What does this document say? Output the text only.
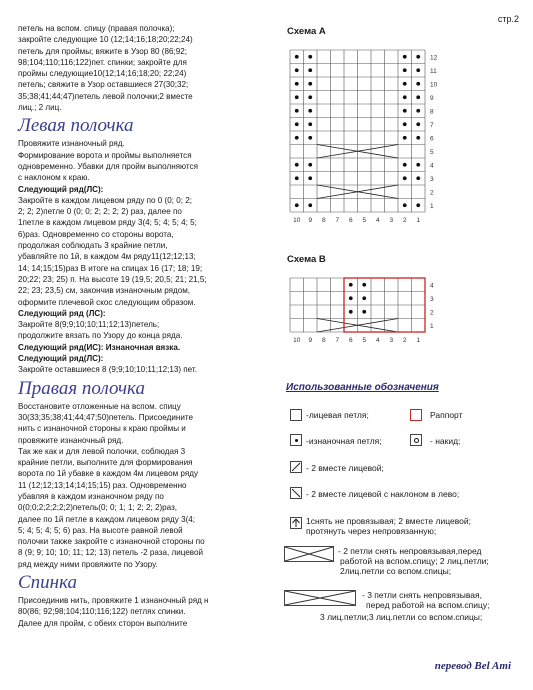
стр.2

петель на вспом. спицу (правая полочка);

закройте следующие 10 (12;14;16;18;20;22;24)

петель для проймы; вяжите в Узор 80 (86;92;

98;104;110;116;122)пет. спинки; закройте для

проймы следующие10(12;14;16;18;20; 22;24)

петель; свяжите в Узор оставшиеся 27(30;32;

35;38;41;44;47)петель левой полочки;2 вместе

лиц.; 2 лиц.

Левая полочка

Провяжите изнаночный ряд.

Формирование ворота и проймы выполняется

одновременно. Убавки для пройм выполняются

с наклоном к краю.

Следующий ряд(ЛС):

Закройте в каждом лицевом ряду по 0 (0; 0; 2;

2; 2; 2)петле 0 (0; 0; 2; 2; 2; 2) раз, далее по

1петле в каждом лицевом ряду 3(4; 5; 4; 5; 4; 5;

6)раз. Одновременно со стороны ворота,

продолжая соблюдать 3 крайние петли,

убавляйте по 1й, в каждом 4м ряду11(12;12;13;

14; 14;15;15)раз В итоге на спицах 16 (17; 18; 19;

20;22; 23; 25) п. На высоте 19 (19,5; 20,5; 21; 21,5;

22; 23; 23,5) см, закончив изнаночным рядом,

оформите плечевой скос следующим образом.

Следующий ряд (ЛС):

Закройте 8(9;9;10;10;11;12;13)петель;

продолжите вязать по Узору до конца ряда.

Следующий ряд(ИС): Изнаночная вязка.

Следующий ряд(ЛС):

Закройте оставшиеся 8 (9;9;10;10;11;12;13) пет.

Правая полочка

Восстановите отложенные на вспом. спицу

30(33;35;38;41;44;47;50)петель. Присоедините

нить с изнаночной стороны к краю проймы и

провяжите изнаночный ряд.

Так же как и для левой полочки, соблюдая 3

крайние петли, выполните для формирования

ворота по 1й убавке в каждом 4м лицевом ряду

11 (12;12;13;14;14;15;15) раз. Одновременно

убавляя в каждом изнаночном ряду по

0(0;0;2;2;2;2;2)петель(0; 0; 1; 1; 2; 2; 2)раз,

далее по 1й петле в каждом лицевом ряду 3(4;

5; 4; 5; 4; 5; 6) раз. На высоте равной левой

полочки также закройте с изнаночной стороны по

8 (9; 9; 10; 10; 11; 12; 13) петель -2 раза, лицевой

ряд между ними провяжите по Узору.

Спинка

Присоединив нить, провяжите 1 изнаночный ряд н

80(86; 92;98;104;110;116;122) петлях спинки.

Далее для пройм, с обеих сторон выполните

Схема А
12
11
10
9
8
7
6
5
4
3
2
1
10 9 8 7 6 5 4 3 2 1
Схема В
4
3
2
1
10 9 8 7 6 5 4 3 2 1
Использованные обозначения
-лицевая петля;	Раппорт
-изнаночная петля;	- накид;
- 2 вместе лицевой;
- 2 вместе лицевой с наклоном в лево;
1снять не провязывая; 2 вместе лицевой;
протянуть через непровязанную;
- 2 петли снять непровязывая,перед
работой на вспом.спицу; 2 лиц.петли;
2лиц.петли со вспом.спицы;
- 3 петли снять непровязывая,
перед работой на вспом.спицу;
3 лиц.петли;3 лиц.петли со вспом.спицы;
перевод Bel Ami
